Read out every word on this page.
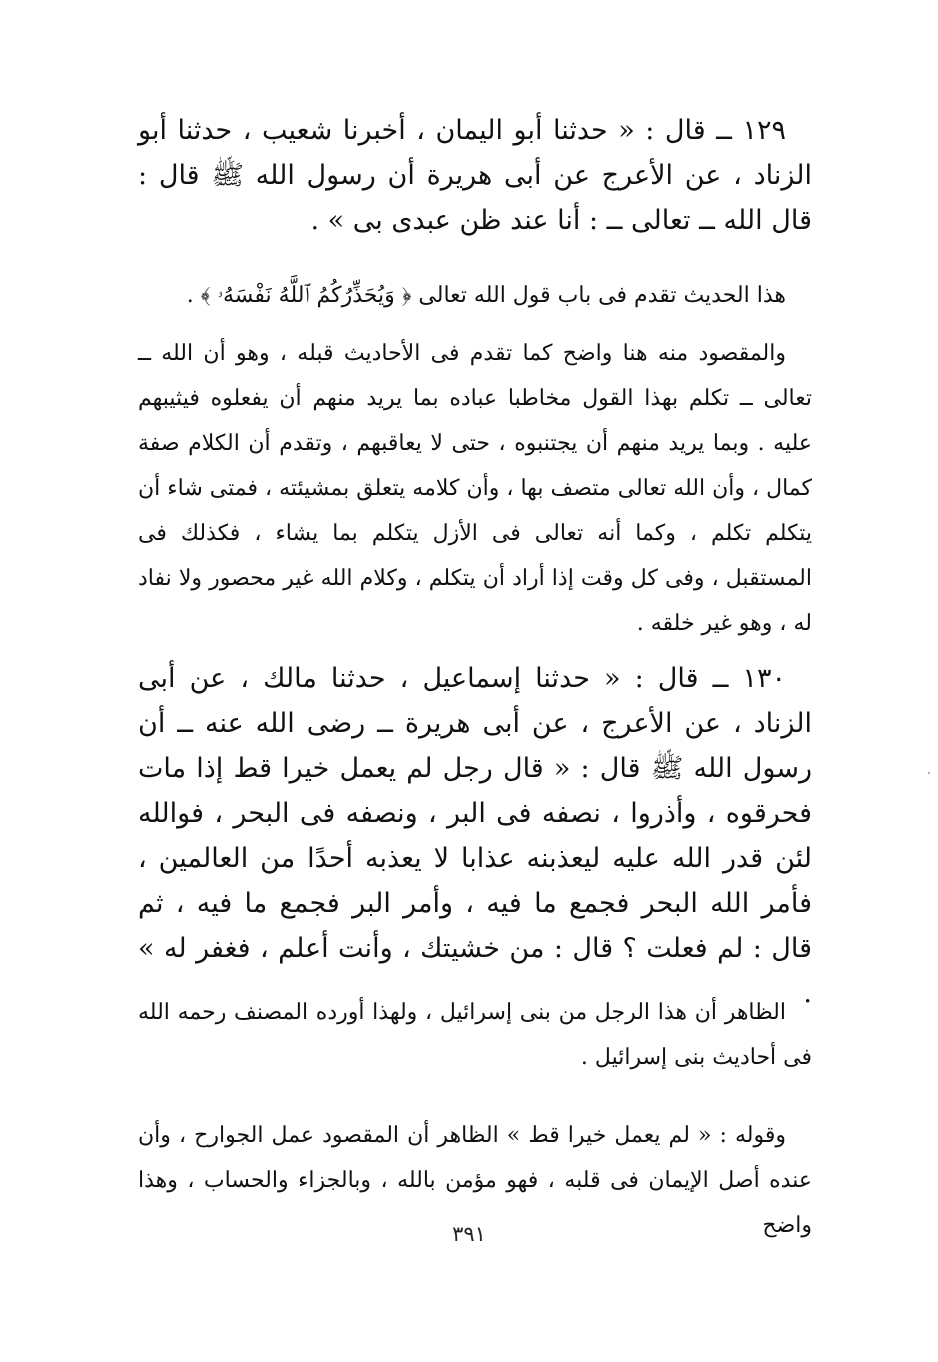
١٢٩ ــ قال : « حدثنا أبو اليمان ، أخبرنا شعيب ، حدثنا أبو الزناد ، عن الأعرج عن أبى هريرة أن رسول الله ﷺ قال : قال الله ــ تعالى ــ : أنا عند ظن عبدى بى » .

هذا الحديث تقدم فى باب قول الله تعالى ﴿ وَيُحَذِّرُكُمُ ٱللَّهُ نَفْسَهُۥ ﴾ .

والمقصود منه هنا واضح كما تقدم فى الأحاديث قبله ، وهو أن الله ــ تعالى ــ تكلم بهذا القول مخاطبا عباده بما يريد منهم أن يفعلوه فيثيبهم عليه . وبما يريد منهم أن يجتنبوه ، حتى لا يعاقبهم ، وتقدم أن الكلام صفة كمال ، وأن الله تعالى متصف بها ، وأن كلامه يتعلق بمشيئته ، فمتى شاء أن يتكلم تكلم ، وكما أنه تعالى فى الأزل يتكلم بما يشاء ، فكذلك فى المستقبل ، وفى كل وقت إذا أراد أن يتكلم ، وكلام الله غير محصور ولا نفاد له ، وهو غير خلقه .

١٣٠ ــ قال : « حدثنا إسماعيل ، حدثنا مالك ، عن أبى الزناد ، عن الأعرج ، عن أبى هريرة ــ رضى الله عنه ــ أن رسول الله ﷺ قال : « قال رجل لم يعمل خيرا قط إذا مات فحرقوه ، وأذروا ، نصفه فى البر ، ونصفه فى البحر ، فوالله لئن قدر الله عليه ليعذبنه عذابا لا يعذبه أحدًا من العالمين ، فأمر الله البحر فجمع ما فيه ، وأمر البر فجمع ما فيه ، ثم قال : لم فعلت ؟ قال : من خشيتك ، وأنت أعلم ، فغفر له » .

الظاهر أن هذا الرجل من بنى إسرائيل ، ولهذا أورده المصنف رحمه الله فى أحاديث بنى إسرائيل .

وقوله : « لم يعمل خيرا قط » الظاهر أن المقصود عمل الجوارح ، وأن عنده أصل الإيمان فى قلبه ، فهو مؤمن بالله ، وبالجزاء والحساب ، وهذا واضح

٣٩١
